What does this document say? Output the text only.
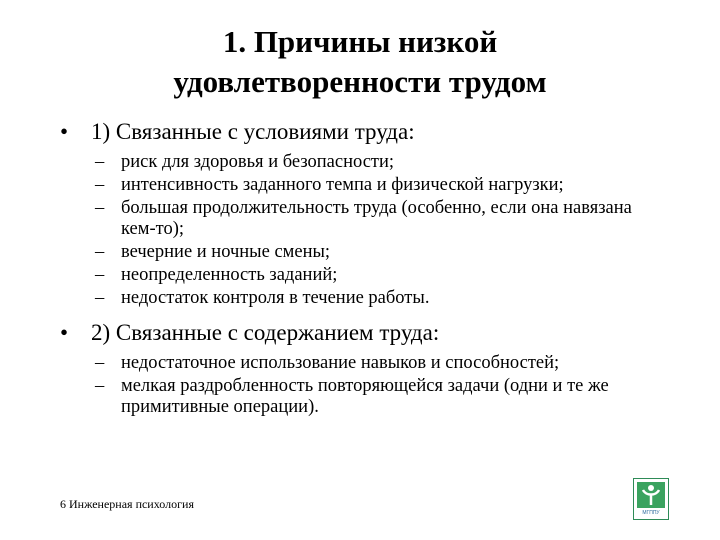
1. Причины низкой
удовлетворенности трудом
• 1) Связанные с условиями труда:
– риск для здоровья и безопасности;
– интенсивность заданного темпа и физической нагрузки;
– большая продолжительность труда (особенно, если она навязана кем-то);
– вечерние и ночные смены;
– неопределенность заданий;
– недостаток контроля в течение работы.
• 2) Связанные с содержанием труда:
– недостаточное использование навыков и способностей;
– мелкая раздробленность повторяющейся задачи (одни и те же примитивные операции).
6 Инженерная психология
МГППУ
